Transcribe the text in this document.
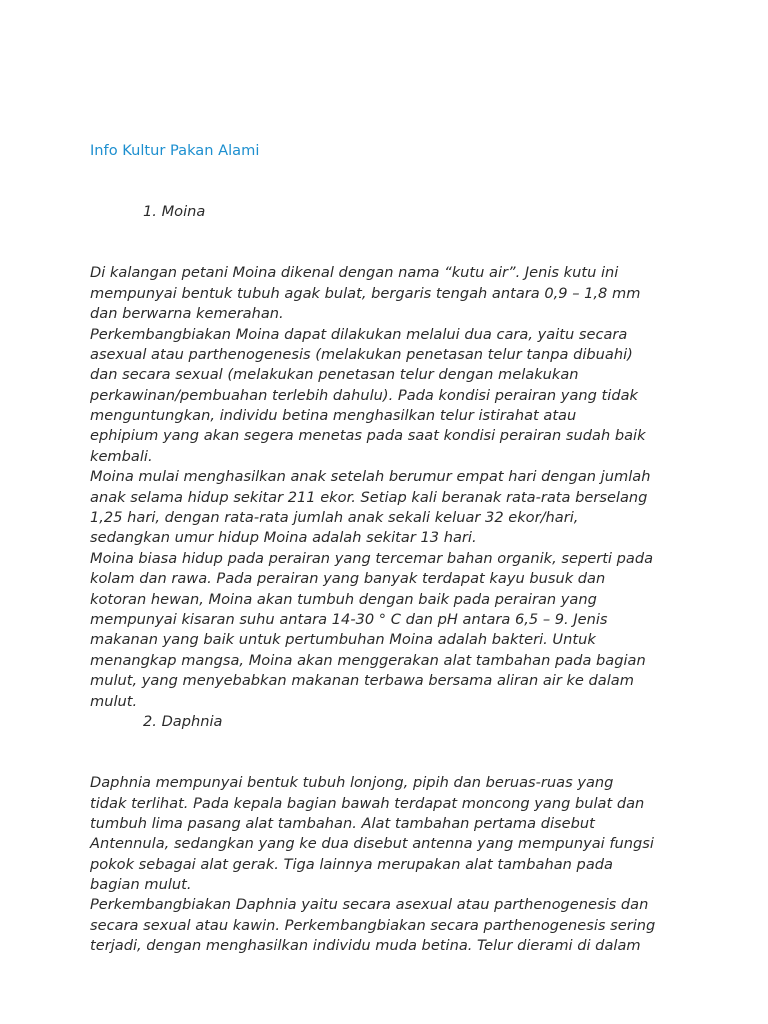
Info Kultur Pakan Alami
1. Moina
Di kalangan petani Moina dikenal dengan nama “kutu air”. Jenis kutu ini
mempunyai bentuk tubuh agak bulat, bergaris tengah antara 0,9 – 1,8 mm
dan berwarna kemerahan.
Perkembangbiakan Moina dapat dilakukan melalui dua cara, yaitu secara
asexual atau parthenogenesis (melakukan penetasan telur tanpa dibuahi)
dan secara sexual (melakukan penetasan telur dengan melakukan
perkawinan/pembuahan terlebih dahulu). Pada kondisi perairan yang tidak
menguntungkan, individu betina menghasilkan telur istirahat atau
ephipium yang akan segera menetas pada saat kondisi perairan sudah baik
kembali.
Moina mulai menghasilkan anak setelah berumur empat hari dengan jumlah
anak selama hidup sekitar 211 ekor. Setiap kali beranak rata-rata berselang
1,25 hari, dengan rata-rata jumlah anak sekali keluar 32 ekor/hari,
sedangkan umur hidup Moina adalah sekitar 13 hari.
Moina biasa hidup pada perairan yang tercemar bahan organik, seperti pada
kolam dan rawa. Pada perairan yang banyak terdapat kayu busuk dan
kotoran hewan, Moina akan tumbuh dengan baik pada perairan yang
mempunyai kisaran suhu antara 14-30 ° C dan pH antara 6,5 – 9. Jenis
makanan yang baik untuk pertumbuhan Moina adalah bakteri. Untuk
menangkap mangsa, Moina akan menggerakan alat tambahan pada bagian
mulut, yang menyebabkan makanan terbawa bersama aliran air ke dalam
mulut.
2. Daphnia
Daphnia mempunyai bentuk tubuh lonjong, pipih dan beruas-ruas yang
tidak terlihat. Pada kepala bagian bawah terdapat moncong yang bulat dan
tumbuh lima pasang alat tambahan. Alat tambahan pertama disebut
Antennula, sedangkan yang ke dua disebut antenna yang mempunyai fungsi
pokok sebagai alat gerak. Tiga lainnya merupakan alat tambahan pada
bagian mulut.
Perkembangbiakan Daphnia yaitu secara asexual atau parthenogenesis dan
secara sexual atau kawin. Perkembangbiakan secara parthenogenesis sering
terjadi, dengan menghasilkan individu muda betina. Telur dierami di dalam
